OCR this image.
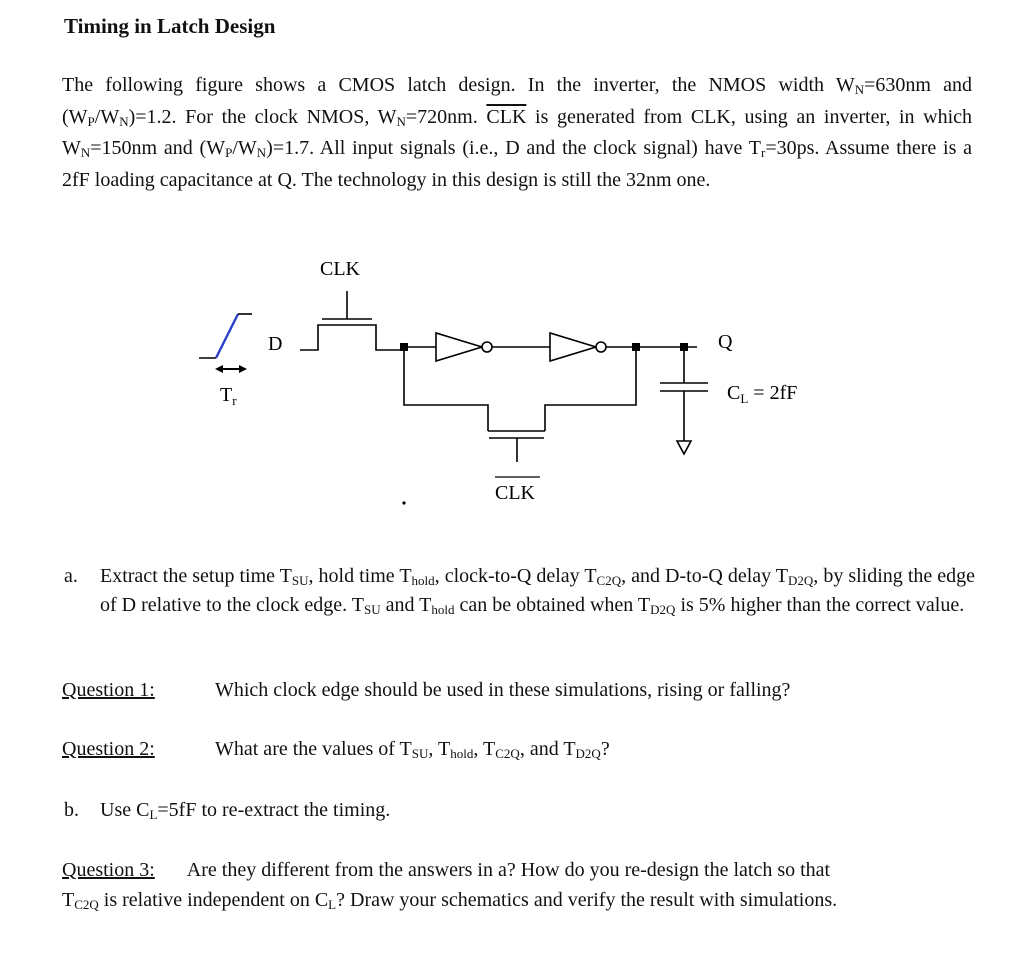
Timing in Latch Design
The following figure shows a CMOS latch design. In the inverter, the NMOS width $W_N=630nm$ and $(W_P/W_N)=1.2$. For the clock NMOS, $W_N=720nm$. $\overline{CLK}$ is generated from CLK, using an inverter, in which $W_N=150nm$ and $(W_P/W_N)=1.7$. All input signals (i.e., D and the clock signal) have $T_r=30ps$. Assume there is a 2fF loading capacitance at Q. The technology in this design is still the 32nm one.
CLK
D	Q
$C_L = 2fF$
$T_r$
CLK
a. Extract the setup time $T_{SU}$, hold time $T_{hold}$, clock-to-Q delay $T_{C2Q}$, and D-to-Q delay $T_{D2Q}$, by sliding the edge of D relative to the clock edge. $T_{SU}$ and $T_{hold}$ can be obtained when $T_{D2Q}$ is 5% higher than the correct value.
Question 1:	Which clock edge should be used in these simulations, rising or falling?
Question 2:	What are the values of $T_{SU}$, $T_{hold}$, $T_{C2Q}$, and $T_{D2Q}$?
b. Use $C_L=5fF$ to re-extract the timing.
Question 3: Are they different from the answers in a? How do you re-design the latch so that
$T_{C2Q}$ is relative independent on $C_L$? Draw your schematics and verify the result with simulations.
